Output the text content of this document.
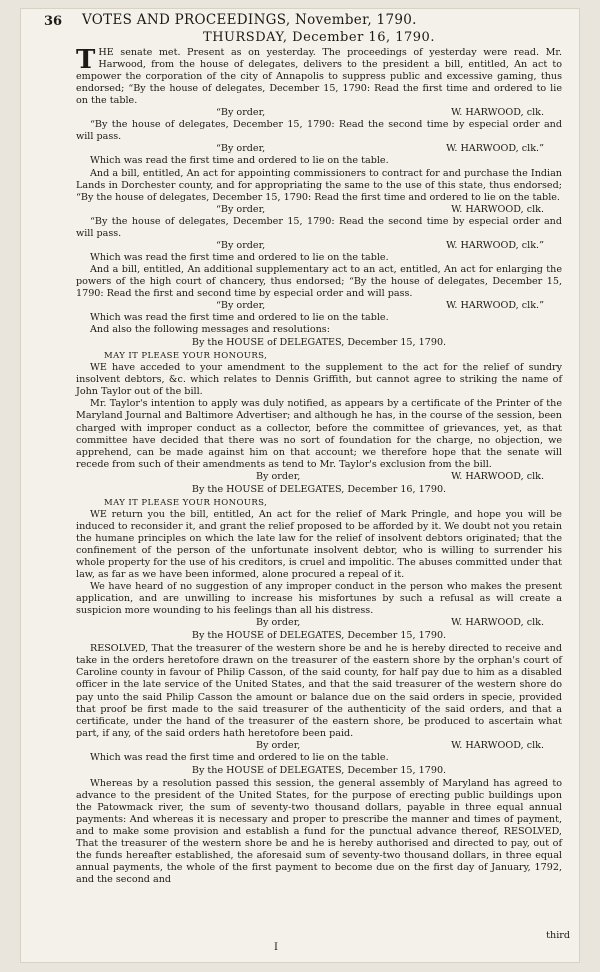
36 VOTES AND PROCEEDINGS, November, 1790.
THURSDAY, December 16, 1790.

THE senate met. Present as on yesterday. The proceedings of yesterday were read. Mr. Harwood, from the house of delegates, delivers to the president a bill, entitled, An act to empower the corporation of the city of Annapolis to suppress public and excessive gaming, thus endorsed; “By the house of delegates, December 15, 1790: Read the first time and ordered to lie on the table.

“By order,	W. HARWOOD, clk.

“By the house of delegates, December 15, 1790: Read the second time by especial order and will pass.

“By order,	W. HARWOOD, clk.”

Which was read the first time and ordered to lie on the table.

And a bill, entitled, An act for appointing commissioners to contract for and purchase the Indian Lands in Dorchester county, and for appropriating the same to the use of this state, thus endorsed; “By the house of delegates, December 15, 1790: Read the first time and ordered to lie on the table.

“By order,	W. HARWOOD, clk.

“By the house of delegates, December 15, 1790: Read the second time by especial order and will pass.

“By order,	W. HARWOOD, clk.”

Which was read the first time and ordered to lie on the table.

And a bill, entitled, An additional supplementary act to an act, entitled, An act for enlarging the powers of the high court of chancery, thus endorsed; “By the house of delegates, December 15, 1790: Read the first and second time by especial order and will pass.

“By order,	W. HARWOOD, clk.”

Which was read the first time and ordered to lie on the table.

And also the following messages and resolutions:

By the HOUSE of DELEGATES, December 15, 1790.
MAY IT PLEASE YOUR HONOURS,

WE have acceded to your amendment to the supplement to the act for the relief of sundry insolvent debtors, &c. which relates to Dennis Griffith, but cannot agree to striking the name of John Taylor out of the bill.

Mr. Taylor's intention to apply was duly notified, as appears by a certificate of the Printer of the Maryland Journal and Baltimore Advertiser; and although he has, in the course of the session, been charged with improper conduct as a collector, before the committee of grievances, yet, as that committee have decided that there was no sort of foundation for the charge, no objection, we apprehend, can be made against him on that account; we therefore hope that the senate will recede from such of their amendments as tend to Mr. Taylor's exclusion from the bill.

By order,	W. HARWOOD, clk.
By the HOUSE of DELEGATES, December 16, 1790.
MAY IT PLEASE YOUR HONOURS,

WE return you the bill, entitled, An act for the relief of Mark Pringle, and hope you will be induced to reconsider it, and grant the relief proposed to be afforded by it. We doubt not you retain the humane principles on which the late law for the relief of insolvent debtors originated; that the confinement of the person of the unfortunate insolvent debtor, who is willing to surrender his whole property for the use of his creditors, is cruel and impolitic. The abuses committed under that law, as far as we have been informed, alone procured a repeal of it.

We have heard of no suggestion of any improper conduct in the person who makes the present application, and are unwilling to increase his misfortunes by such a refusal as will create a suspicion more wounding to his feelings than all his distress.

By order,	W. HARWOOD, clk.
By the HOUSE of DELEGATES, December 15, 1790.

RESOLVED, That the treasurer of the western shore be and he is hereby directed to receive and take in the orders heretofore drawn on the treasurer of the eastern shore by the orphan's court of Caroline county in favour of Philip Casson, of the said county, for half pay due to him as a disabled officer in the late service of the United States, and that the said treasurer of the western shore do pay unto the said Philip Casson the amount or balance due on the said orders in specie, provided that proof be first made to the said treasurer of the authenticity of the said orders, and that a certificate, under the hand of the treasurer of the eastern shore, be produced to ascertain what part, if any, of the said orders hath heretofore been paid.

By order,	W. HARWOOD, clk.

Which was read the first time and ordered to lie on the table.

By the HOUSE of DELEGATES, December 15, 1790.

Whereas by a resolution passed this session, the general assembly of Maryland has agreed to advance to the president of the United States, for the purpose of erecting public buildings upon the Patowmack river, the sum of seventy-two thousand dollars, payable in three equal annual payments: And whereas it is necessary and proper to prescribe the manner and times of payment, and to make some provision and establish a fund for the punctual advance thereof, RESOLVED, That the treasurer of the western shore be and he is hereby authorised and directed to pay, out of the funds hereafter established, the aforesaid sum of seventy-two thousand dollars, in three equal annual payments, the whole of the first payment to become due on the first day of January, 1792, and the second and

third
I
